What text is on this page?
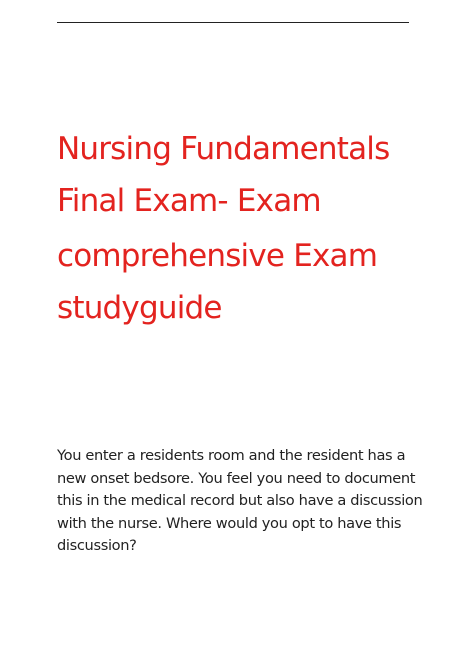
Nursing Fundamentals
Final Exam- Exam
comprehensive Exam
studyguide
You enter a residents room and the resident has a
new onset bedsore. You feel you need to document
this in the medical record but also have a discussion
with the nurse. Where would you opt to have this
discussion?
